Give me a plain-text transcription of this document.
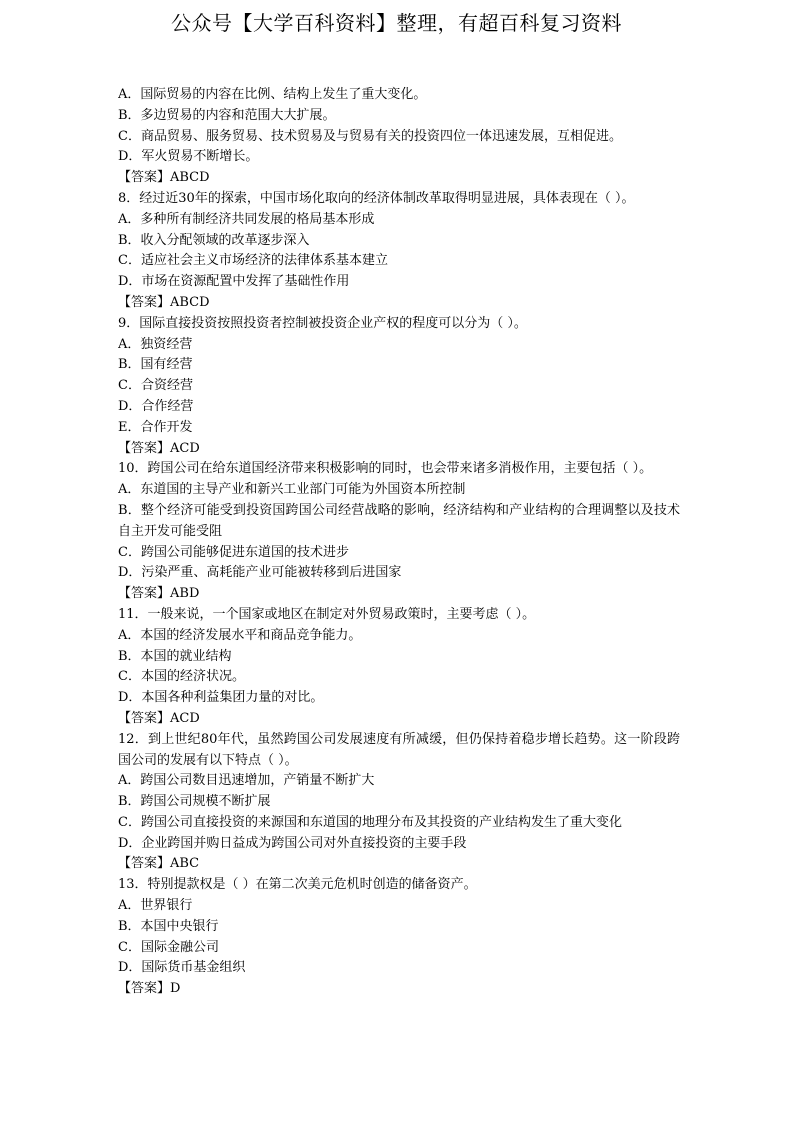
公众号【大学百科资料】整理，有超百科复习资料
A．国际贸易的内容在比例、结构上发生了重大变化。
B．多边贸易的内容和范围大大扩展。
C．商品贸易、服务贸易、技术贸易及与贸易有关的投资四位一体迅速发展，互相促进。
D．军火贸易不断增长。
【答案】ABCD
8．经过近30年的探索，中国市场化取向的经济体制改革取得明显进展，具体表现在（ ）。
A．多种所有制经济共同发展的格局基本形成
B．收入分配领域的改革逐步深入
C．适应社会主义市场经济的法律体系基本建立
D．市场在资源配置中发挥了基础性作用
【答案】ABCD
9．国际直接投资按照投资者控制被投资企业产权的程度可以分为（ ）。
A．独资经营
B．国有经营
C．合资经营
D．合作经营
E．合作开发
【答案】ACD
10．跨国公司在给东道国经济带来积极影响的同时，也会带来诸多消极作用，主要包括（ ）。
A．东道国的主导产业和新兴工业部门可能为外国资本所控制
B．整个经济可能受到投资国跨国公司经营战略的影响，经济结构和产业结构的合理调整以及技术自主开发可能受阻
C．跨国公司能够促进东道国的技术进步
D．污染严重、高耗能产业可能被转移到后进国家
【答案】ABD
11．一般来说，一个国家或地区在制定对外贸易政策时，主要考虑（ ）。
A．本国的经济发展水平和商品竞争能力。
B．本国的就业结构
C．本国的经济状况。
D．本国各种利益集团力量的对比。
【答案】ACD
12．到上世纪80年代，虽然跨国公司发展速度有所减缓，但仍保持着稳步增长趋势。这一阶段跨国公司的发展有以下特点（ ）。
A．跨国公司数目迅速增加，产销量不断扩大
B．跨国公司规模不断扩展
C．跨国公司直接投资的来源国和东道国的地理分布及其投资的产业结构发生了重大变化
D．企业跨国并购日益成为跨国公司对外直接投资的主要手段
【答案】ABC
13．特别提款权是（ ）在第二次美元危机时创造的储备资产。
A．世界银行
B．本国中央银行
C．国际金融公司
D．国际货币基金组织
【答案】D
